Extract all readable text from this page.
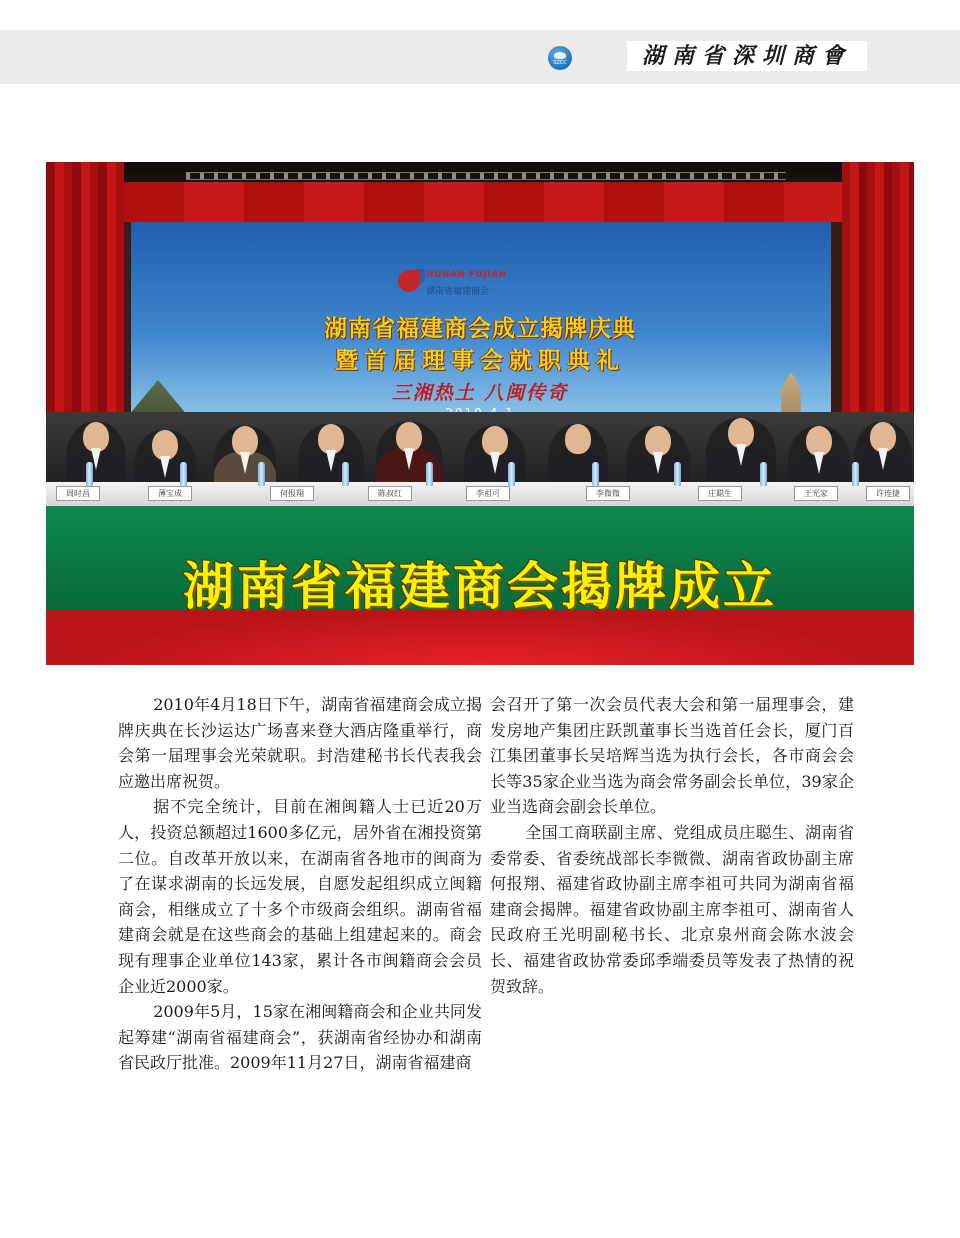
SZCC	湖南省深圳商會
HUNAN FUJIAN
湖南省福建商会
湖南省福建商会成立揭牌庆典
暨首届理事会就职典礼
三湘热土 八闽传奇
周时昌	薄宝成	何报翔	陈叔红	李祖可	李微微	庄聪生	王光家	许连捷
湖南省福建商会揭牌成立

2010年4月18日下午，湖南省福建商会成立揭牌庆典在长沙运达广场喜来登大酒店隆重举行，商会第一届理事会光荣就职。封浩建秘书长代表我会应邀出席祝贺。

据不完全统计，目前在湘闽籍人士已近20万人，投资总额超过1600多亿元，居外省在湘投资第二位。自改革开放以来，在湖南省各地市的闽商为了在谋求湖南的长远发展，自愿发起组织成立闽籍商会，相继成立了十多个市级商会组织。湖南省福建商会就是在这些商会的基础上组建起来的。商会现有理事企业单位143家，累计各市闽籍商会会员企业近2000家。

2009年5月，15家在湘闽籍商会和企业共同发起筹建“湖南省福建商会”，获湖南省经协办和湖南省民政厅批准。2009年11月27日，湖南省福建商

会召开了第一次会员代表大会和第一届理事会，建发房地产集团庄跃凯董事长当选首任会长，厦门百江集团董事长吴培辉当选为执行会长，各市商会会长等35家企业当选为商会常务副会长单位，39家企业当选商会副会长单位。

全国工商联副主席、党组成员庄聪生、湖南省委常委、省委统战部长李微微、湖南省政协副主席何报翔、福建省政协副主席李祖可共同为湖南省福建商会揭牌。福建省政协副主席李祖可、湖南省人民政府王光明副秘书长、北京泉州商会陈水波会长、福建省政协常委邱季端委员等发表了热情的祝贺致辞。
